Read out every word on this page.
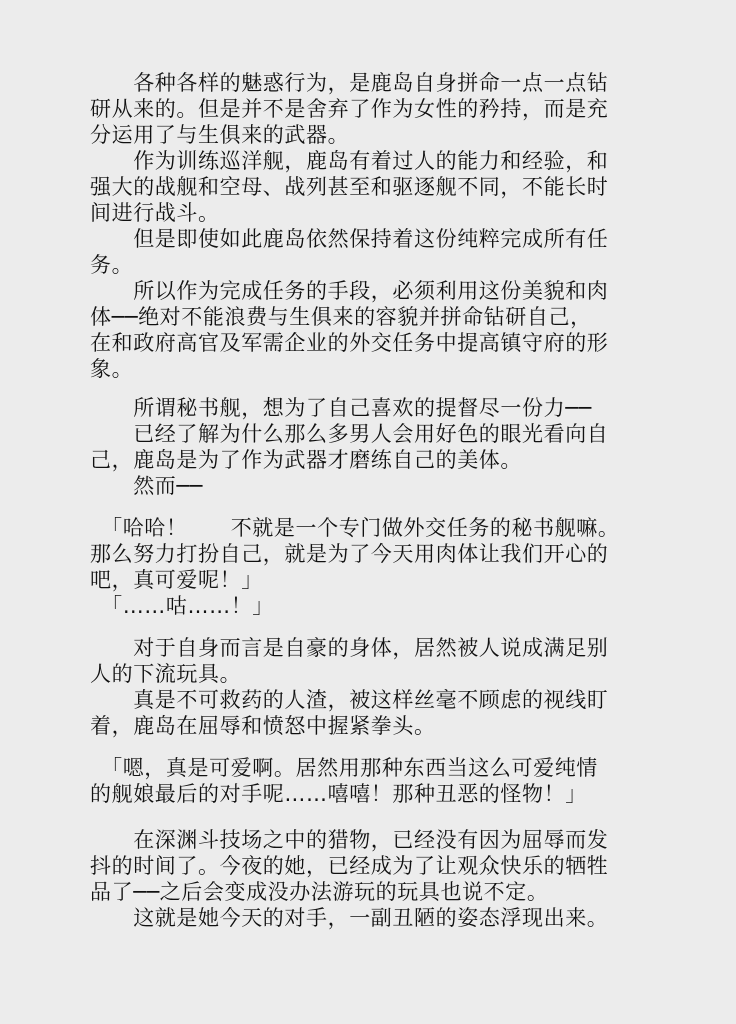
　　各种各样的魅惑行为，是鹿岛自身拼命一点一点钻
研从来的。但是并不是舍弃了作为女性的矜持，而是充
分运用了与生俱来的武器。
　　作为训练巡洋舰，鹿岛有着过人的能力和经验，和
强大的战舰和空母、战列甚至和驱逐舰不同，不能长时
间进行战斗。
　　但是即使如此鹿岛依然保持着这份纯粹完成所有任
务。
　　所以作为完成任务的手段，必须利用这份美貌和肉
体──绝对不能浪费与生俱来的容貌并拼命钻研自己，
在和政府高官及军需企业的外交任务中提高镇守府的形
象。
　　所谓秘书舰，想为了自己喜欢的提督尽一份力──
　　已经了解为什么那么多男人会用好色的眼光看向自
己，鹿岛是为了作为武器才磨练自己的美体。
　　然而──
　「哈哈！　　不就是一个专门做外交任务的秘书舰嘛。
那么努力打扮自己，就是为了今天用肉体让我们开心的
吧，真可爱呢！」
　「……咕……！」
　　对于自身而言是自豪的身体，居然被人说成满足别
人的下流玩具。
　　真是不可救药的人渣，被这样丝毫不顾虑的视线盯
着，鹿岛在屈辱和愤怒中握紧拳头。
　「嗯，真是可爱啊。居然用那种东西当这么可爱纯情
的舰娘最后的对手呢……嘻嘻！那种丑恶的怪物！」
　　在深渊斗技场之中的猎物，已经没有因为屈辱而发
抖的时间了。今夜的她，已经成为了让观众快乐的牺牲
品了──之后会变成没办法游玩的玩具也说不定。
　　这就是她今天的对手，一副丑陋的姿态浮现出来。
